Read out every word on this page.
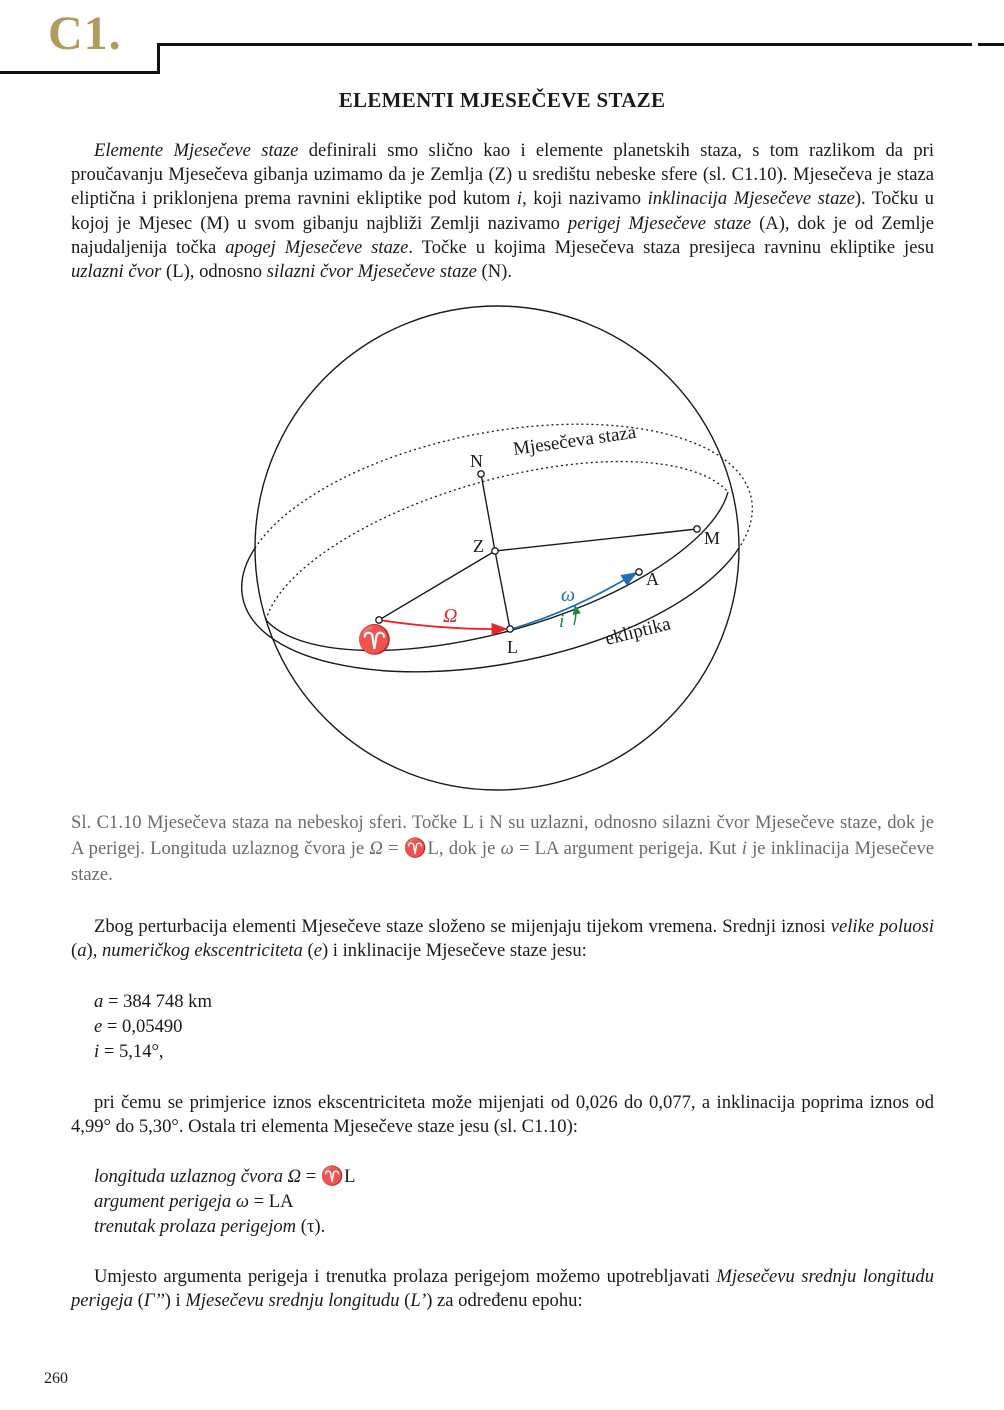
C1.
ELEMENTI MJESEČEVE STAZE

Elemente Mjesečeve staze definirali smo slično kao i elemente planetskih staza, s tom razlikom da pri proučavanju Mjesečeva gibanja uzimamo da je Zemlja (Z) u središtu nebeske sfere (sl. C1.10). Mjesečeva je staza eliptična i priklonjena prema ravnini ekliptike pod kutom i, koji nazivamo inklinacija Mjesečeve staze). Točku u kojoj je Mjesec (M) u svom gibanju najbliži Zemlji nazivamo perigej Mjesečeve staze (A), dok je od Zemlje najudaljenija točka apogej Mjesečeve staze. Točke u kojima Mjesečeva staza presijeca ravninu ekliptike jesu uzlazni čvor (L), odnosno silazni čvor Mjesečeve staze (N).

Mjesečeva staza
ekliptika
N
Z	M
A
L
♈
Ω
ω
i

Sl. C1.10 Mjesečeva staza na nebeskoj sferi. Točke L i N su uzlazni, odnosno silazni čvor Mjesečeve staze, dok je A perigej. Longituda uzlaznog čvora je Ω = ♈L, dok je ω = LA argument perigeja. Kut i je inklinacija Mjesečeve staze.

Zbog perturbacija elementi Mjesečeve staze složeno se mijenjaju tijekom vremena. Srednji iznosi velike poluosi (a), numeričkog ekscentriciteta (e) i inklinacije Mjesečeve staze jesu:

a = 384 748 km
e = 0,05490
i = 5,14°,

pri čemu se primjerice iznos ekscentriciteta može mijenjati od 0,026 do 0,077, a inklinacija poprima iznos od 4,99° do 5,30°. Ostala tri elementa Mjesečeve staze jesu (sl. C1.10):

longituda uzlaznog čvora Ω = ♈L
argument perigeja ω = LA
trenutak prolaza perigejom (τ).

Umjesto argumenta perigeja i trenutka prolaza perigejom možemo upotrebljavati Mjesečevu srednju longitudu perigeja (Γ’’) i Mjesečevu srednju longitudu (L’) za određenu epohu:

260
